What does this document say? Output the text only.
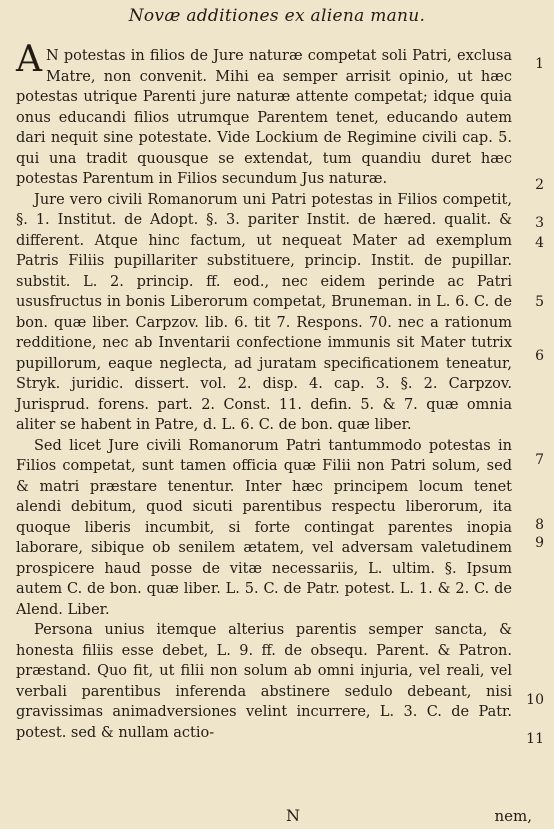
Novæ additiones ex aliena manu.

A N potestas in filios de Jure naturæ competat soli Patri, exclusa Matre, non convenit. Mihi ea semper arrisit opinio, ut hæc potestas utrique Parenti jure naturæ attente competat; idque quia onus educandi filios utrumque Parentem tenet, educando autem dari nequit sine potestate. Vide Lockium de Regimine civili cap. 5. qui una tradit quousque se extendat, tum quandiu duret hæc potestas Parentum in Filios secundum Jus naturæ.

Jure vero civili Romanorum uni Patri potestas in Filios competit, §. 1. Institut. de Adopt. §. 3. pariter Instit. de hæred. qualit. & different. Atque hinc factum, ut nequeat Mater ad exemplum Patris Filiis pupillariter substituere, princip. Instit. de pupillar. substit. L. 2. princip. ff. eod., nec eidem perinde ac Patri ususfructus in bonis Liberorum competat, Bruneman. in L. 6. C. de bon. quæ liber. Carpzov. lib. 6. tit 7. Respons. 70. nec a rationum redditione, nec ab Inventarii confectione immunis sit Mater tutrix pupillorum, eaque neglecta, ad juratam specificationem teneatur, Stryk. juridic. dissert. vol. 2. disp. 4. cap. 3. §. 2. Carpzov. Jurisprud. forens. part. 2. Const. 11. defin. 5. & 7. quæ omnia aliter se habent in Patre, d. L. 6. C. de bon. quæ liber.

Sed licet Jure civili Romanorum Patri tantummodo potestas in Filios competat, sunt tamen officia quæ Filii non Patri solum, sed & matri præstare tenentur. Inter hæc principem locum tenet alendi debitum, quod sicuti parentibus respectu liberorum, ita quoque liberis incumbit, si forte contingat parentes inopia laborare, sibique ob senilem ætatem, vel adversam valetudinem prospicere haud posse de vitæ necessariis, L. ultim. §. Ipsum autem C. de bon. quæ liber. L. 5. C. de Patr. potest. L. 1. & 2. C. de Alend. Liber.

Persona unius itemque alterius parentis semper sancta, & honesta filiis esse debet, L. 9. ff. de obsequ. Parent. & Patron. præstand. Quo fit, ut filii non solum ab omni injuria, vel reali, vel verbali parentibus inferenda abstinere sedulo debeant, nisi gravissimas animadversiones velint incurrere, L. 3. C. de Patr. potest. sed & nullam actio-

1
2
3
4
5
6
7
8
9
10
11
N	nem,
